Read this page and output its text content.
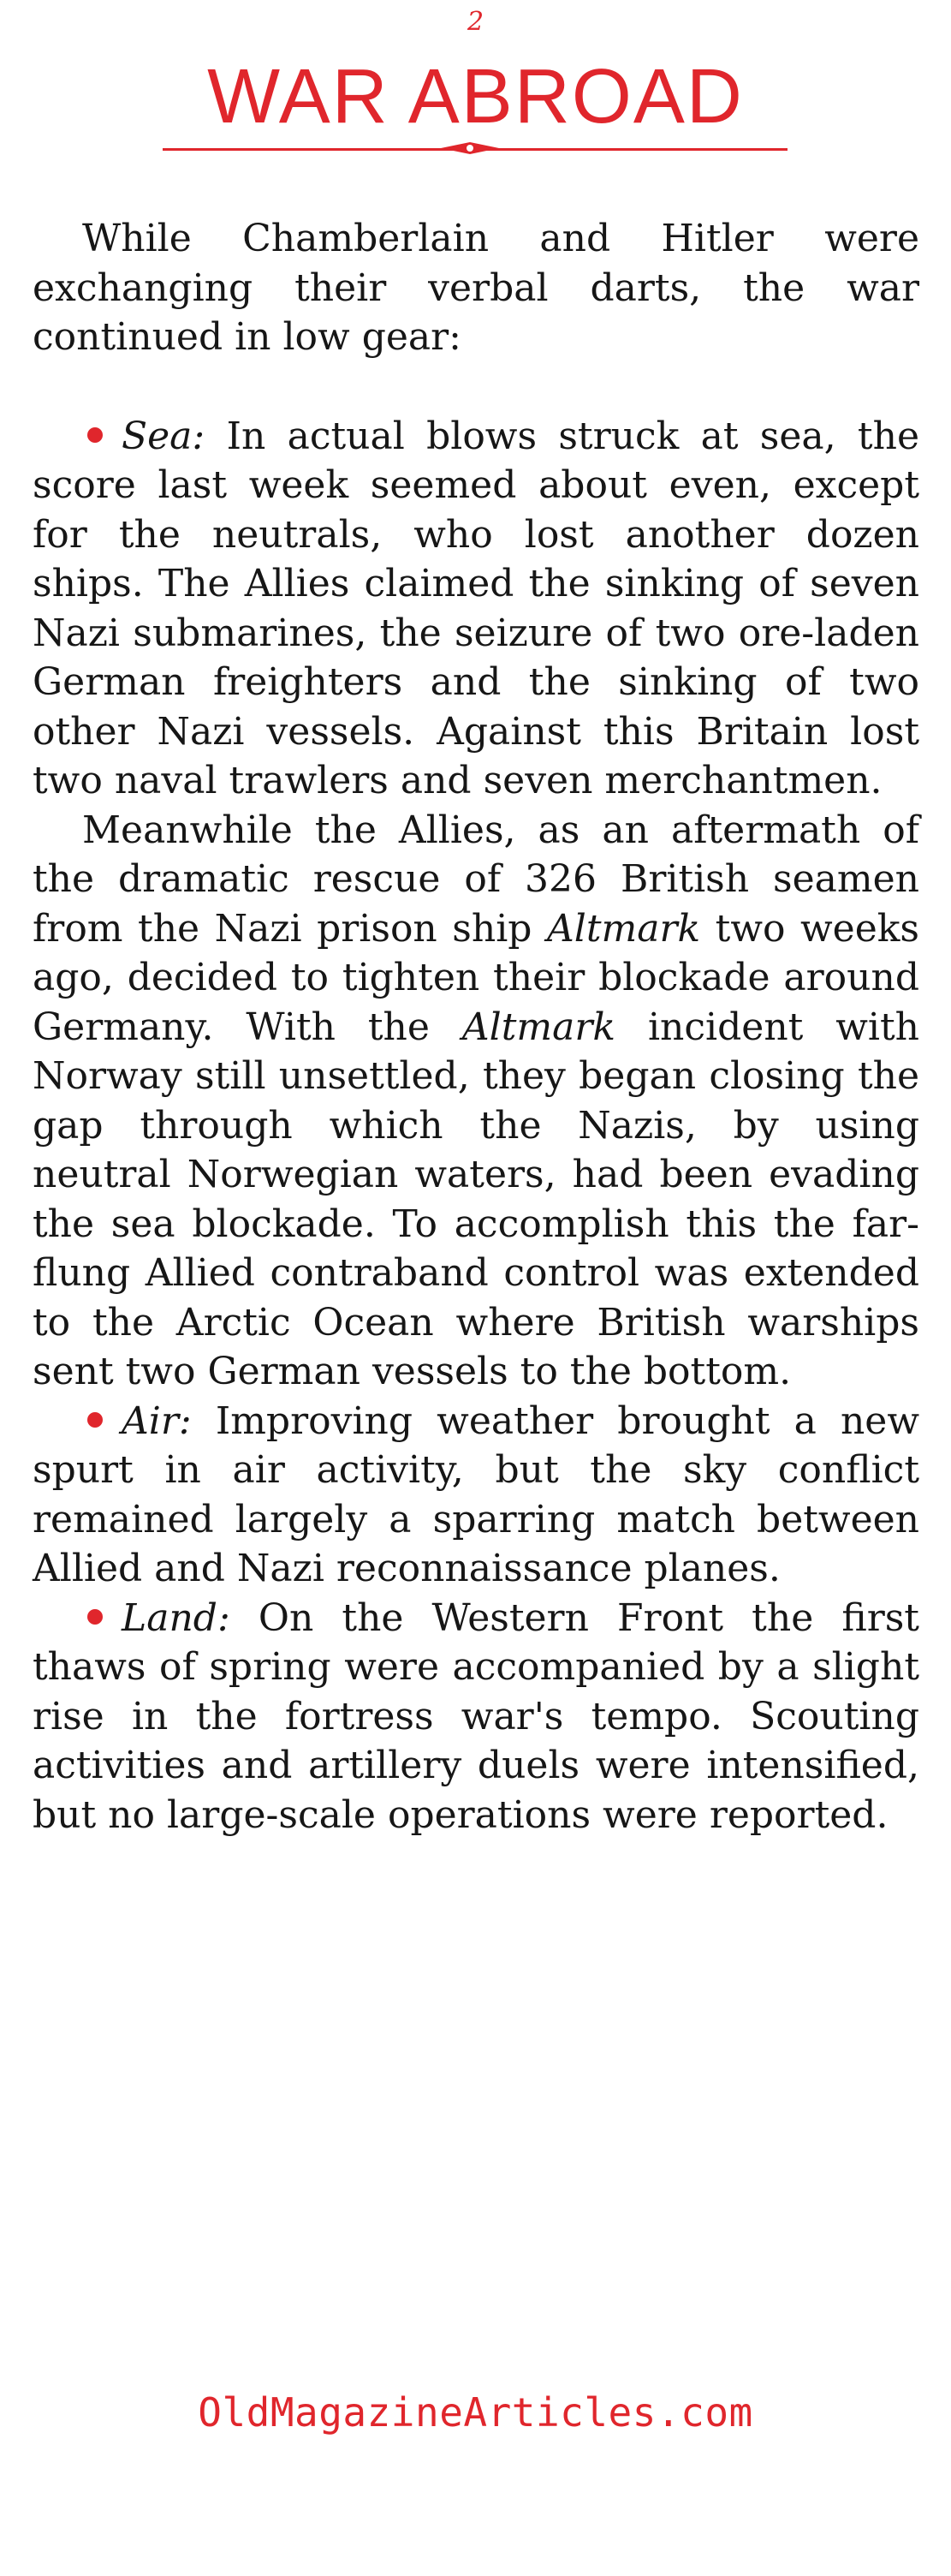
2
WAR ABROAD

While Chamberlain and Hitler were exchanging their verbal darts, the war continued in low gear:

Sea: In actual blows struck at sea, the score last week seemed about even, except for the neutrals, who lost another dozen ships. The Allies claimed the sinking of seven Nazi submarines, the seizure of two ore-laden German freighters and the sinking of two other Nazi vessels. Against this Britain lost two naval trawlers and seven merchantmen.

Meanwhile the Allies, as an aftermath of the dramatic rescue of 326 British seamen from the Nazi prison ship Altmark two weeks ago, decided to tighten their blockade around Germany. With the Altmark incident with Norway still unsettled, they began closing the gap through which the Nazis, by using neutral Norwegian waters, had been evading the sea blockade. To accomplish this the far-flung Allied contraband control was extended to the Arctic Ocean where British warships sent two German vessels to the bottom.

Air: Improving weather brought a new spurt in air activity, but the sky conflict remained largely a sparring match between Allied and Nazi reconnaissance planes.

Land: On the Western Front the first thaws of spring were accompanied by a slight rise in the fortress war's tempo. Scouting activities and artillery duels were intensified, but no large-scale operations were reported.

OldMagazineArticles.com
